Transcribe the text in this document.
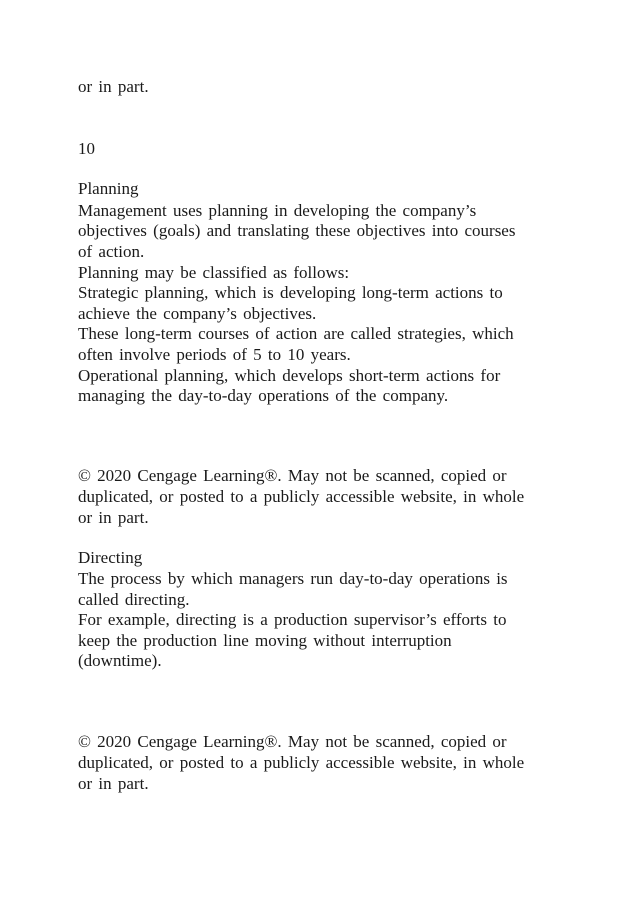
or in part.

10

Planning

Management uses planning in developing the company’s

objectives (goals) and translating these objectives into courses

of action.

Planning may be classified as follows:

Strategic planning, which is developing long-term actions to

achieve the company’s objectives.

These long-term courses of action are called strategies, which

often involve periods of 5 to 10 years.

Operational planning, which develops short-term actions for

managing the day-to-day operations of the company.

© 2020 Cengage Learning®. May not be scanned, copied or

duplicated, or posted to a publicly accessible website, in whole

or in part.

Directing

The process by which managers run day-to-day operations is

called directing.

For example, directing is a production supervisor’s efforts to

keep the production line moving without interruption

(downtime).

© 2020 Cengage Learning®. May not be scanned, copied or

duplicated, or posted to a publicly accessible website, in whole

or in part.
